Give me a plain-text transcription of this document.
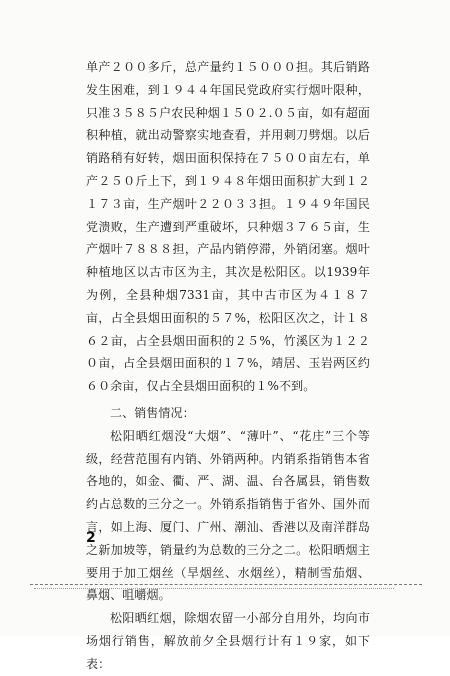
单产２００多斤，总产量约１５０００担。其后销路发生困难，到１９４４年国民党政府实行烟叶限种，只准３５８５户农民种烟１５０２.０５亩，如有超面积种植，就出动警察实地查看，并用刺刀劈烟。以后销路稍有好转，烟田面积保持在７５００亩左右，单产２５０斤上下，到１９４８年烟田面积扩大到１２１７３亩，生产烟叶２２０３３担。１９４９年国民党溃败，生产遭到严重破坏，只种烟３７６５亩，生产烟叶７８８８担，产品内销停滞，外销闭塞。烟叶种植地区以古市区为主，其次是松阳区。以1939年为例，全县种烟7331亩，其中古市区为４１８７亩，占全县烟田面积的５７%，松阳区次之，计１８６２亩，占全县烟田面积的２５%，竹溪区为１２２０亩，占全县烟田面积的１７%，靖居、玉岩两区约６０余亩，仅占全县烟田面积的１%不到。

二、销售情况：

松阳晒红烟没“大烟”、“薄叶”、“花庄”三个等级，经营范围有内销、外销两种。内销系指销售本省各地的，如金、衢、严、湖、温、台各属县，销售数约占总数的三分之一。外销系指销售于省外、国外而言，如上海、厦门、广州、潮汕、香港以及南洋群岛之新加坡等，销量约为总数的三分之二。松阳晒烟主要用于加工烟丝（旱烟丝、水烟丝），精制雪茄烟、鼻烟、咀嚼烟。

松阳晒红烟，除烟农留一小部分自用外，均向市场烟行销售，解放前夕全县烟行计有１９家，如下表：

2
